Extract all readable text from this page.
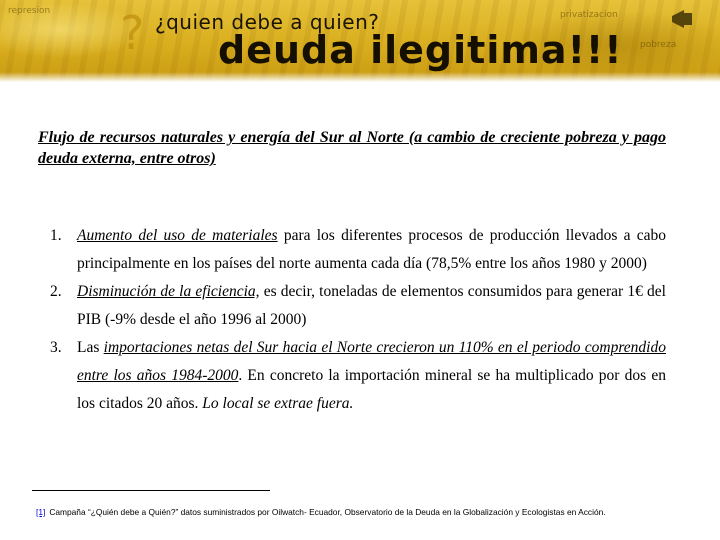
represion	privatizacion
pobreza
? ¿quien debe a quien?
deuda ilegitima!!!
Flujo de recursos naturales y energía del Sur al Norte (a cambio de creciente pobreza y pago deuda externa, entre otros)
1. Aumento del uso de materiales para los diferentes procesos de producción llevados a cabo principalmente en los países del norte aumenta cada día (78,5% entre los años 1980 y 2000)
2. Disminución de la eficiencia, es decir, toneladas de elementos consumidos para generar 1€ del PIB (-9% desde el año 1996 al 2000)
3. Las importaciones netas del Sur hacia el Norte crecieron un 110% en el periodo comprendido entre los años 1984-2000. En concreto la importación mineral se ha multiplicado por dos en los citados 20 años. Lo local se extrae fuera.
[1] Campaña “¿Quién debe a Quién?” datos suministrados por Oilwatch- Ecuador, Observatorio de la Deuda en la Globalización y Ecologistas en Acción.
